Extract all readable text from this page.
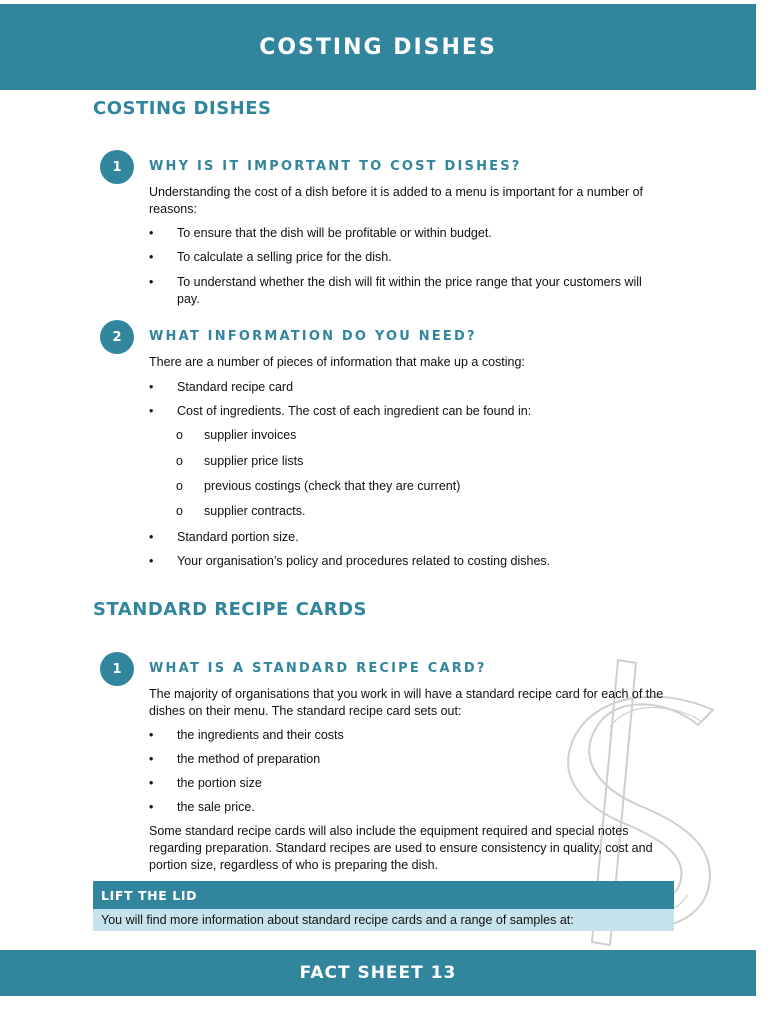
COSTING DISHES
COSTING DISHES
1	WHY IS IT IMPORTANT TO COST DISHES?
Understanding the cost of a dish before it is added to a menu is important for a number of reasons:
• To ensure that the dish will be profitable or within budget.
• To calculate a selling price for the dish.
• To understand whether the dish will fit within the price range that your customers will pay.
2	WHAT INFORMATION DO YOU NEED?
There are a number of pieces of information that make up a costing:
• Standard recipe card
• Cost of ingredients. The cost of each ingredient can be found in:
o supplier invoices
o supplier price lists
o previous costings (check that they are current)
o supplier contracts.
• Standard portion size.
• Your organisation’s policy and procedures related to costing dishes.
STANDARD RECIPE CARDS
1	WHAT IS A STANDARD RECIPE CARD?
The majority of organisations that you work in will have a standard recipe card for each of the dishes on their menu. The standard recipe card sets out:
• the ingredients and their costs
• the method of preparation
• the portion size
• the sale price.
Some standard recipe cards will also include the equipment required and special notes regarding preparation. Standard recipes are used to ensure consistency in quality, cost and portion size, regardless of who is preparing the dish.
LIFT THE LID
You will find more information about standard recipe cards and a range of samples at:
FACT SHEET 13
